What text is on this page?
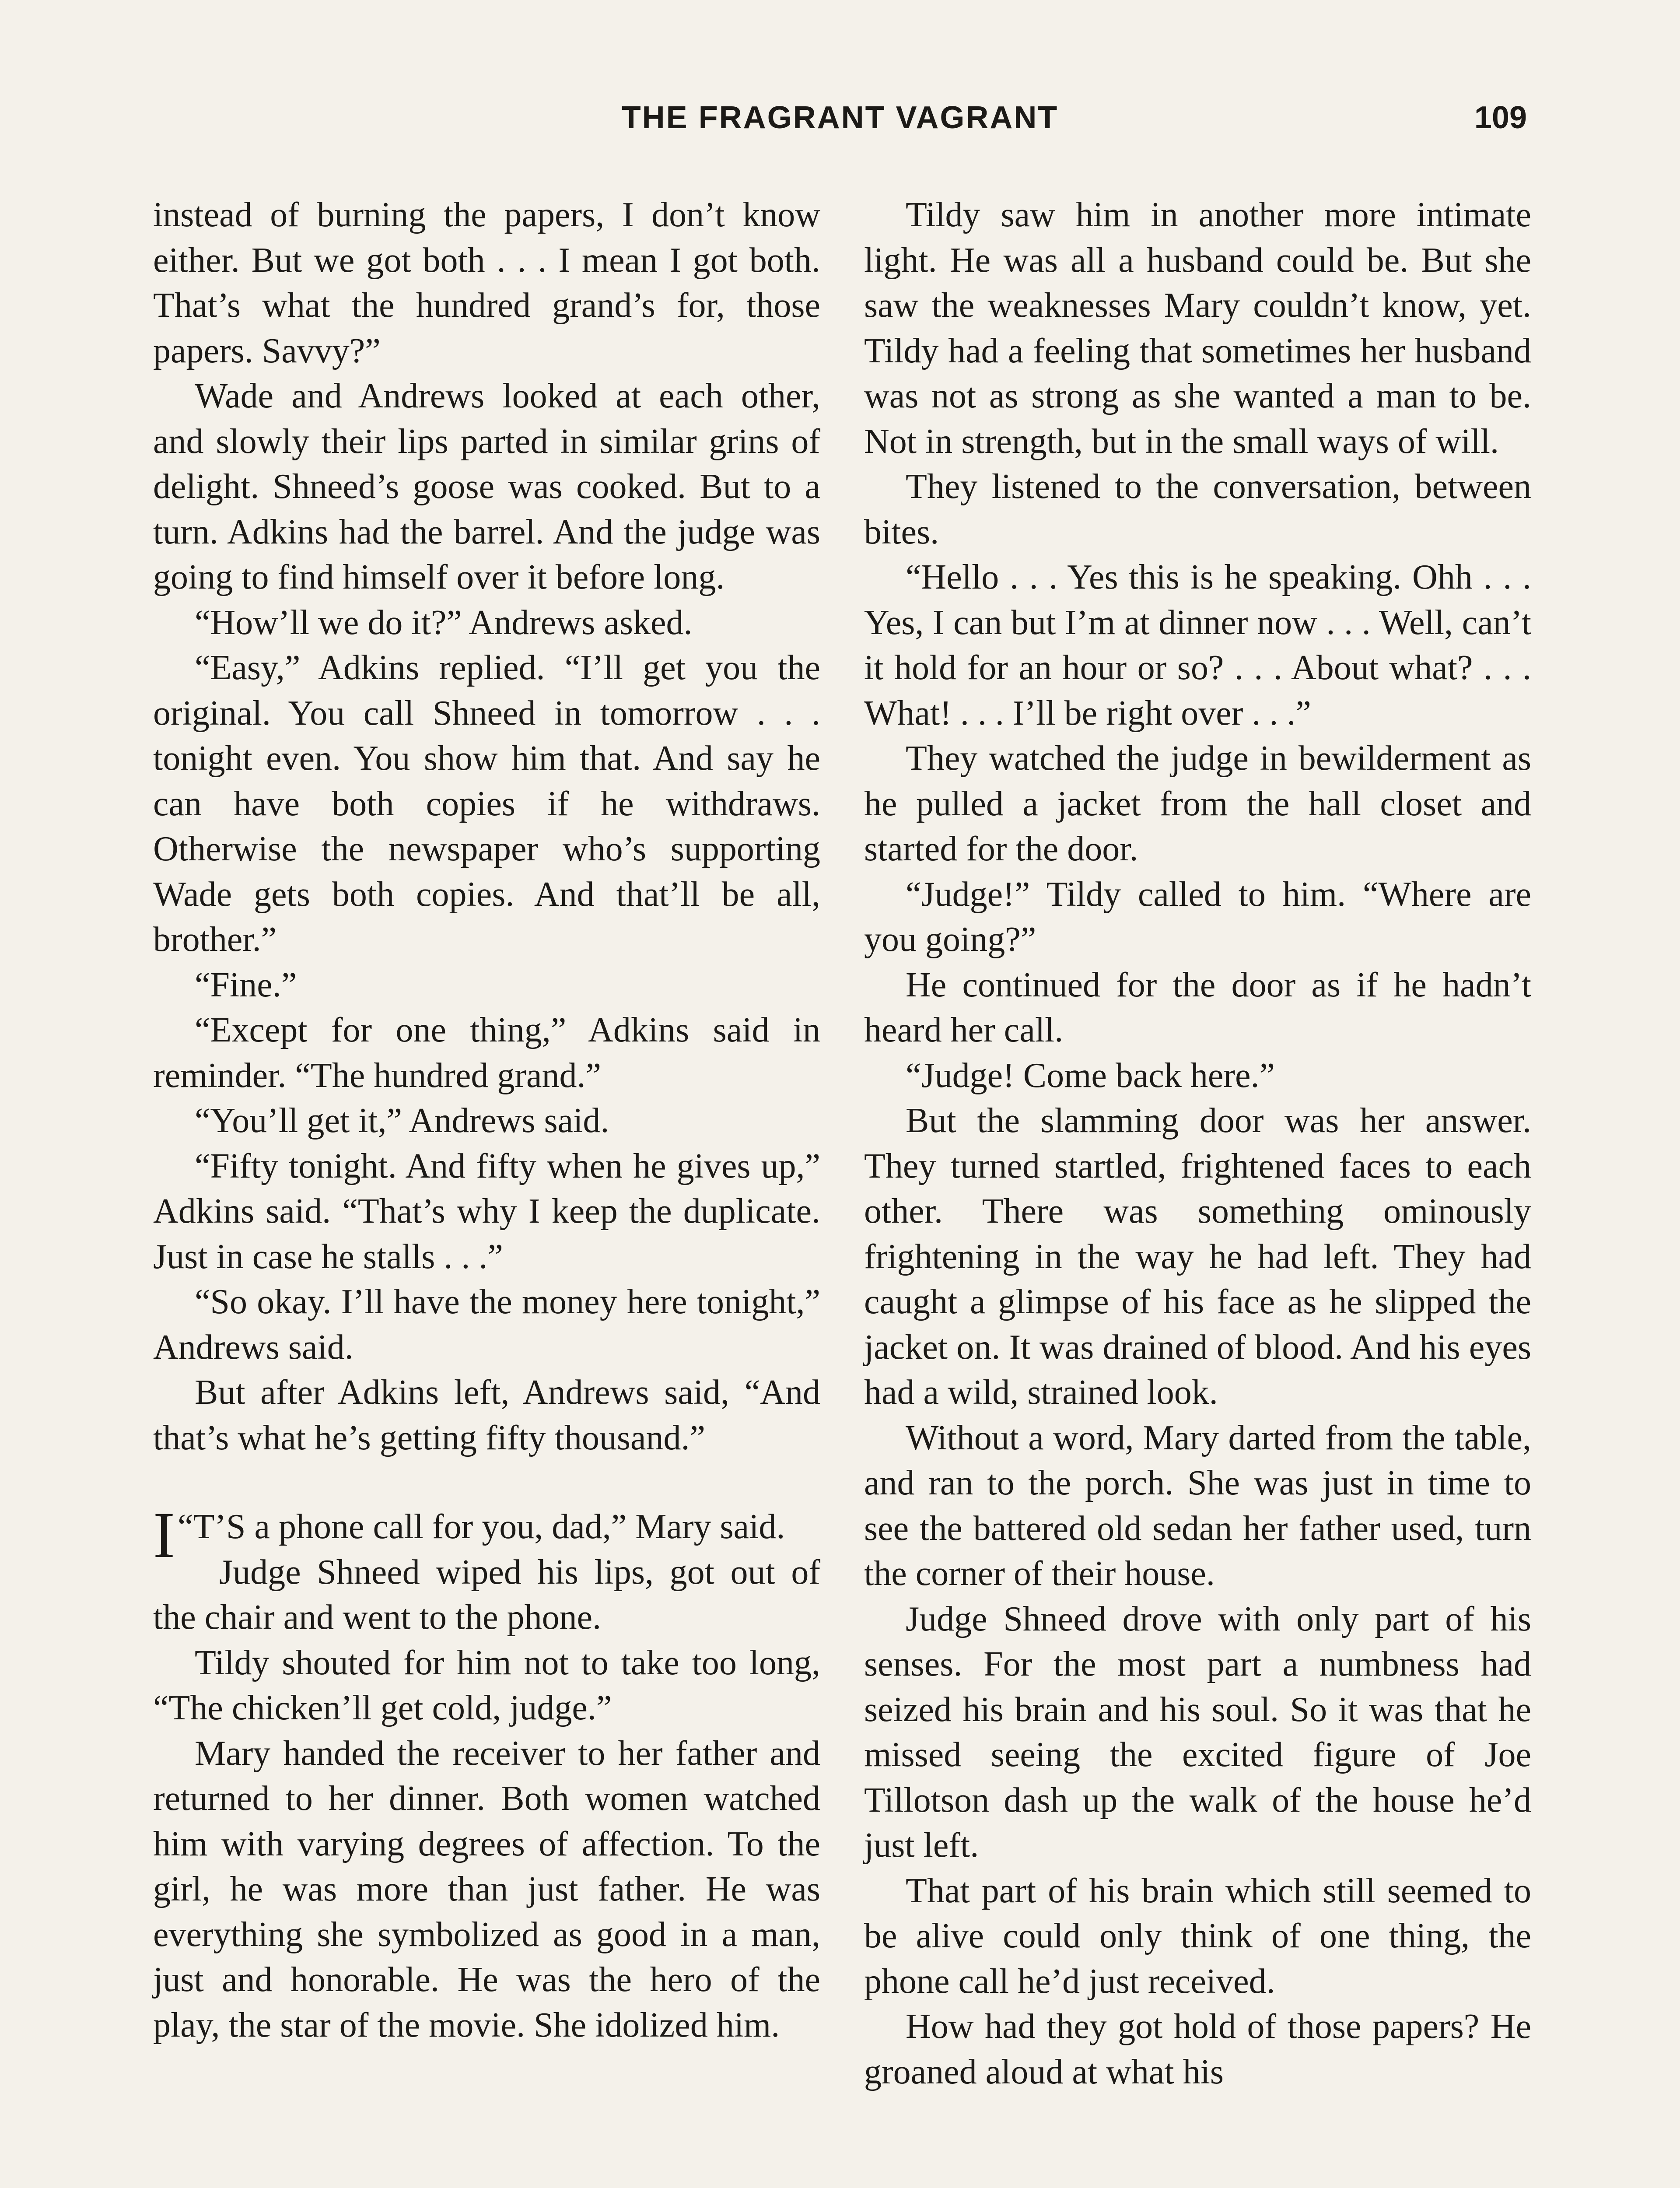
THE FRAGRANT VAGRANT	109

instead of burning the papers, I don’t know either. But we got both . . . I mean I got both. That’s what the hundred grand’s for, those papers. Savvy?”

Wade and Andrews looked at each other, and slowly their lips parted in similar grins of delight. Shneed’s goose was cooked. But to a turn. Adkins had the barrel. And the judge was going to find himself over it before long.

“How’ll we do it?” Andrews asked.

“Easy,” Adkins replied. “I’ll get you the original. You call Shneed in tomorrow . . . tonight even. You show him that. And say he can have both copies if he withdraws. Otherwise the newspaper who’s supporting Wade gets both copies. And that’ll be all, brother.”

“Fine.”

“Except for one thing,” Adkins said in reminder. “The hundred grand.”

“You’ll get it,” Andrews said.

“Fifty tonight. And fifty when he gives up,” Adkins said. “That’s why I keep the duplicate. Just in case he stalls . . .”

“So okay. I’ll have the money here tonight,” Andrews said.

But after Adkins left, Andrews said, “And that’s what he’s getting fifty thousand.”

“
I T’S a phone call for you, dad,” Mary said.

Judge Shneed wiped his lips, got out of the chair and went to the phone.

Tildy shouted for him not to take too long, “The chicken’ll get cold, judge.”

Mary handed the receiver to her father and returned to her dinner. Both women watched him with varying degrees of affection. To the girl, he was more than just father. He was everything she symbolized as good in a man, just and honorable. He was the hero of the play, the star of the movie. She idolized him.

Tildy saw him in another more intimate light. He was all a husband could be. But she saw the weaknesses Mary couldn’t know, yet. Tildy had a feeling that sometimes her husband was not as strong as she wanted a man to be. Not in strength, but in the small ways of will.

They listened to the conversation, between bites.

“Hello . . . Yes this is he speaking. Ohh . . . Yes, I can but I’m at dinner now . . . Well, can’t it hold for an hour or so? . . . About what? . . . What! . . . I’ll be right over . . .”

They watched the judge in bewilderment as he pulled a jacket from the hall closet and started for the door.

“Judge!” Tildy called to him. “Where are you going?”

He continued for the door as if he hadn’t heard her call.

“Judge! Come back here.”

But the slamming door was her answer. They turned startled, frightened faces to each other. There was something ominously frightening in the way he had left. They had caught a glimpse of his face as he slipped the jacket on. It was drained of blood. And his eyes had a wild, strained look.

Without a word, Mary darted from the table, and ran to the porch. She was just in time to see the battered old sedan her father used, turn the corner of their house.

Judge Shneed drove with only part of his senses. For the most part a numbness had seized his brain and his soul. So it was that he missed seeing the excited figure of Joe Tillotson dash up the walk of the house he’d just left.

That part of his brain which still seemed to be alive could only think of one thing, the phone call he’d just received.

How had they got hold of those papers? He groaned aloud at what his
